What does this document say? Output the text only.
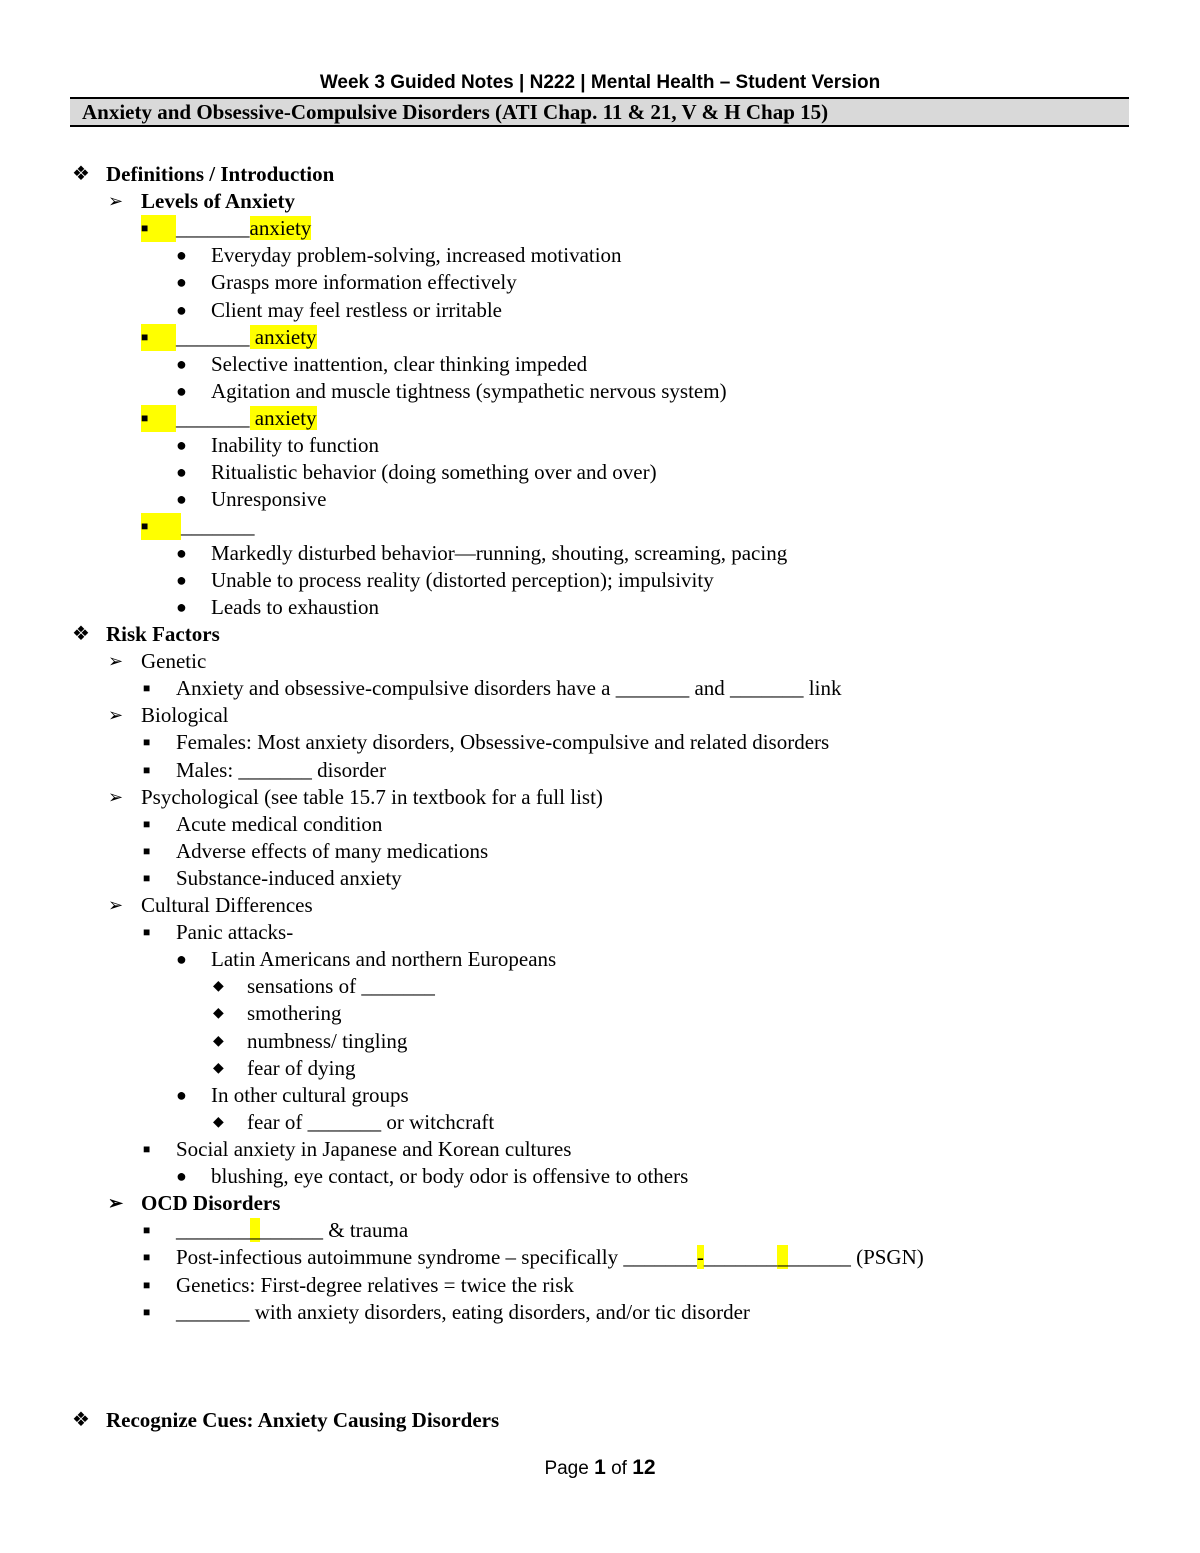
Week 3 Guided Notes | N222 | Mental Health – Student Version
Anxiety and Obsessive-Compulsive Disorders (ATI Chap. 11 & 21, V & H Chap 15)
❖ Definitions / Introduction
➢ Levels of Anxiety
■ _______anxiety
● Everyday problem-solving, increased motivation
● Grasps more information effectively
● Client may feel restless or irritable
■ _______ anxiety
● Selective inattention, clear thinking impeded
● Agitation and muscle tightness (sympathetic nervous system)
■ _______ anxiety
● Inability to function
● Ritualistic behavior (doing something over and over)
● Unresponsive
■ _______
● Markedly disturbed behavior—running, shouting, screaming, pacing
● Unable to process reality (distorted perception); impulsivity
● Leads to exhaustion
❖ Risk Factors
➢ Genetic
■ Anxiety and obsessive-compulsive disorders have a _______ and _______ link
➢ Biological
■ Females: Most anxiety disorders, Obsessive-compulsive and related disorders
■ Males: _______ disorder
➢ Psychological (see table 15.7 in textbook for a full list)
■ Acute medical condition
■ Adverse effects of many medications
■ Substance-induced anxiety
➢ Cultural Differences
■ Panic attacks-
● Latin Americans and northern Europeans
◆ sensations of _______
◆ smothering
◆ numbness/ tingling
◆ fear of dying
● In other cultural groups
◆ fear of _______ or witchcraft
■ Social anxiety in Japanese and Korean cultures
● blushing, eye contact, or body odor is offensive to others
➢ OCD Disorders
■ ______________ & trauma
■ Post-infectious autoimmune syndrome – specifically _______-______________ (PSGN)
■ Genetics: First-degree relatives = twice the risk
■ _______ with anxiety disorders, eating disorders, and/or tic disorder
❖ Recognize Cues: Anxiety Causing Disorders
Page 1 of 12
